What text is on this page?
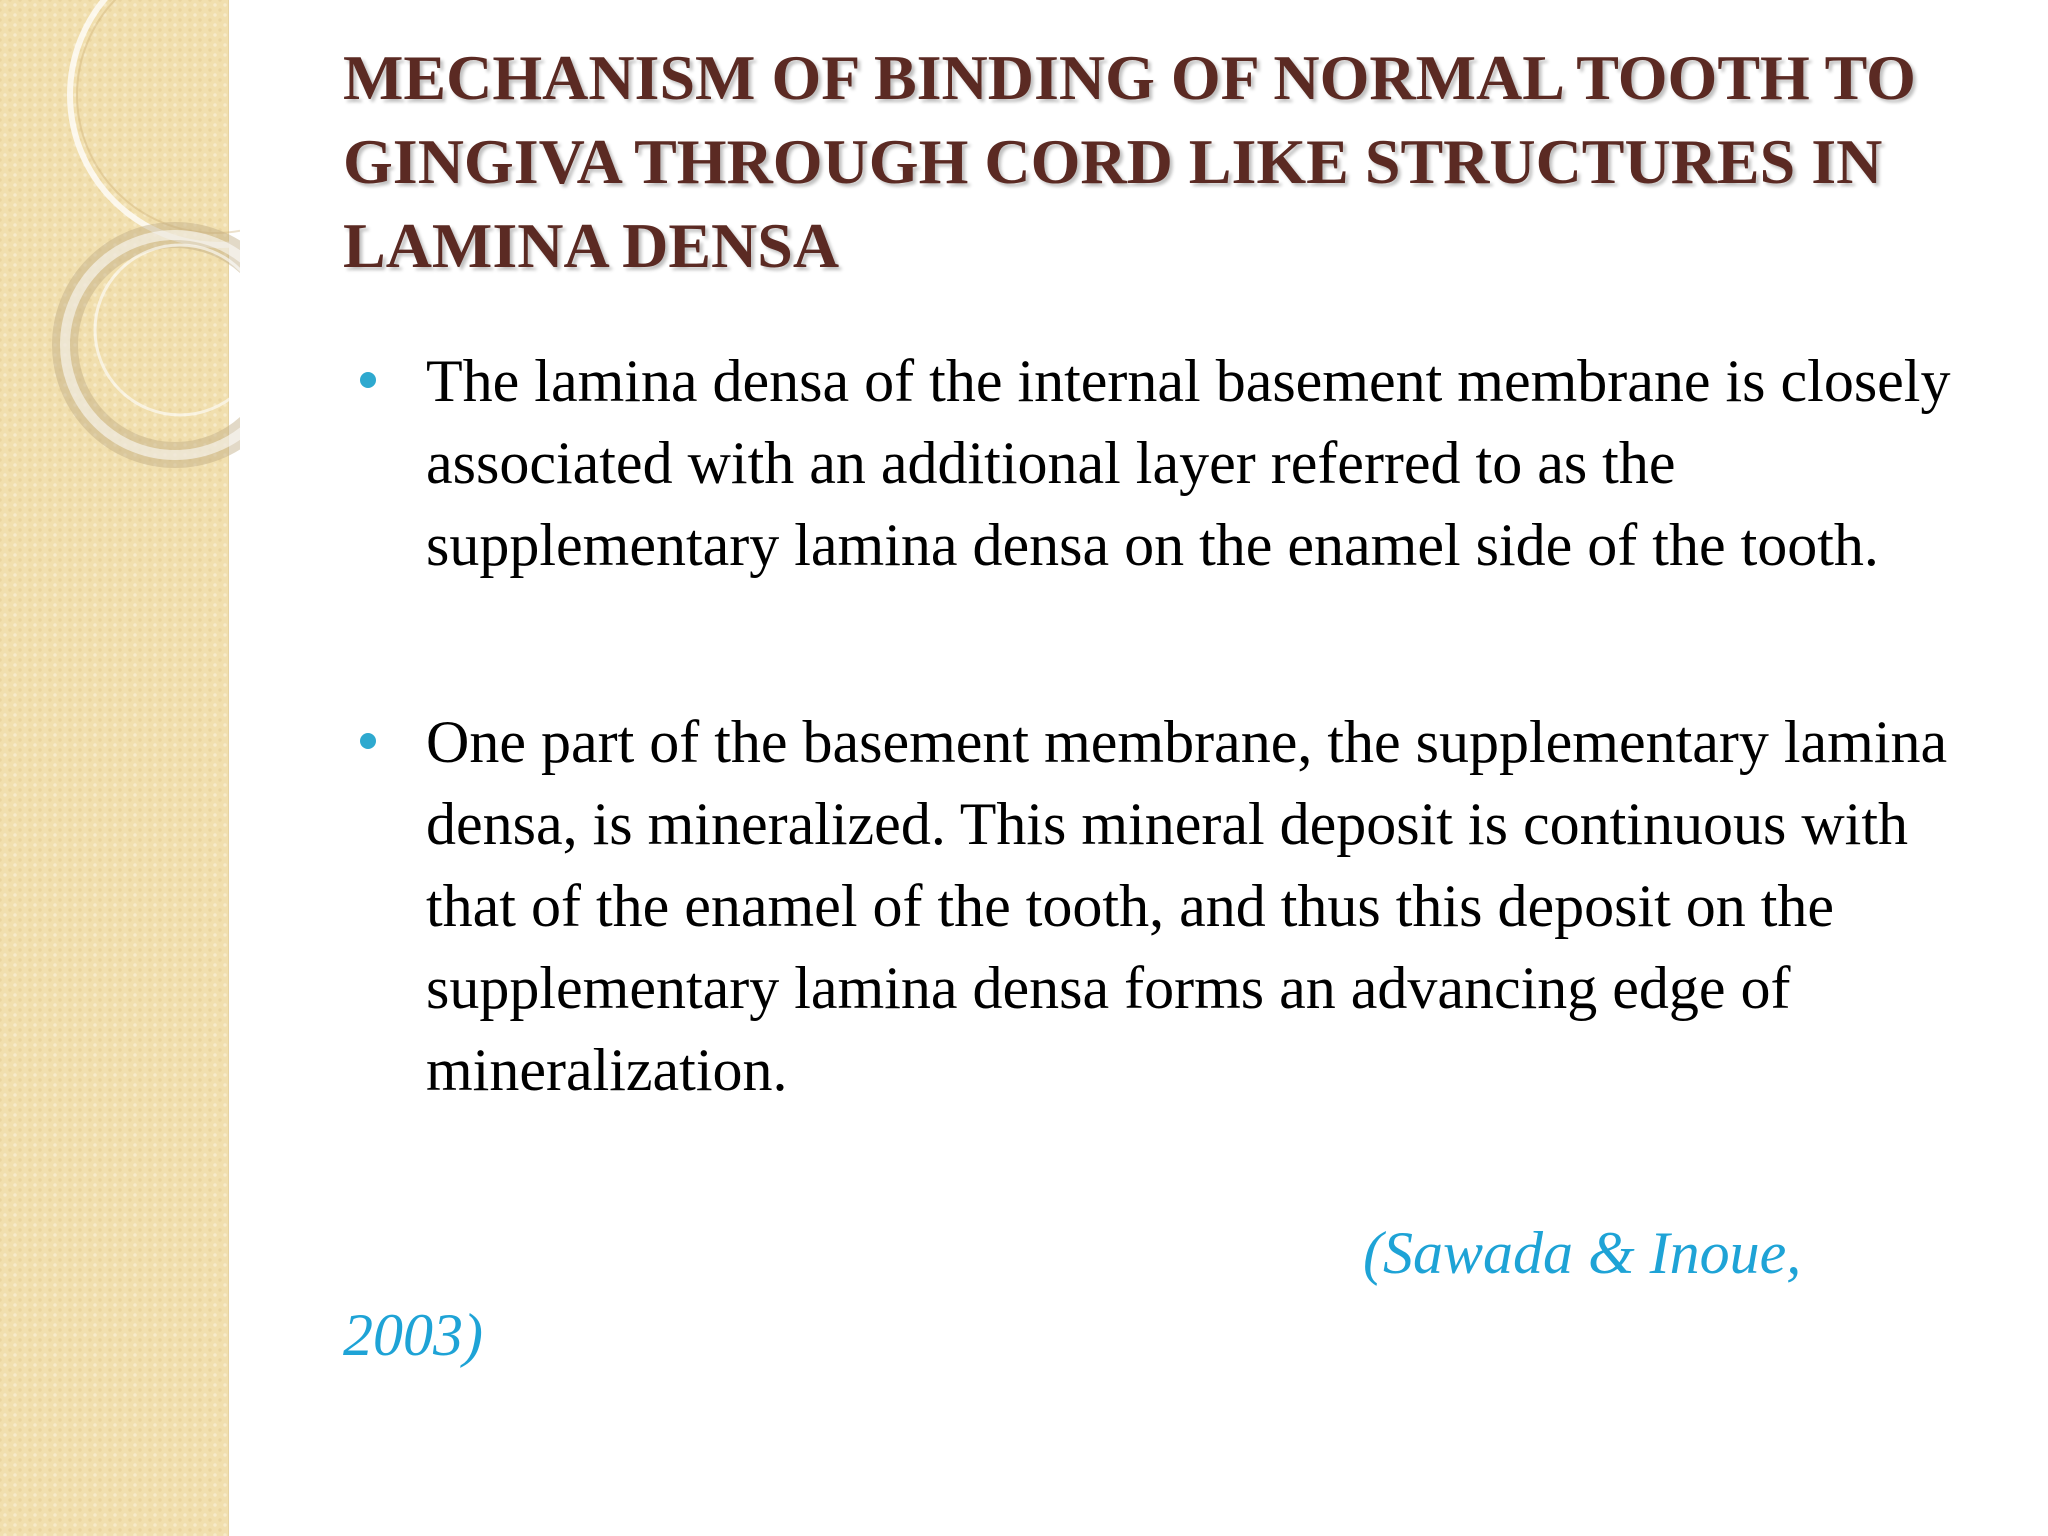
MECHANISM OF BINDING OF NORMAL TOOTH TO GINGIVA THROUGH CORD LIKE STRUCTURES IN LAMINA DENSA
The lamina densa of the internal basement membrane is closely associated with an additional layer referred to as the supplementary lamina densa on the enamel side of the tooth.
One part of the basement membrane, the supplementary lamina densa, is mineralized. This mineral deposit is continuous with that of the enamel of the tooth, and thus this deposit on the supplementary lamina densa forms an advancing edge of mineralization.

(Sawada & Inoue,
2003)
